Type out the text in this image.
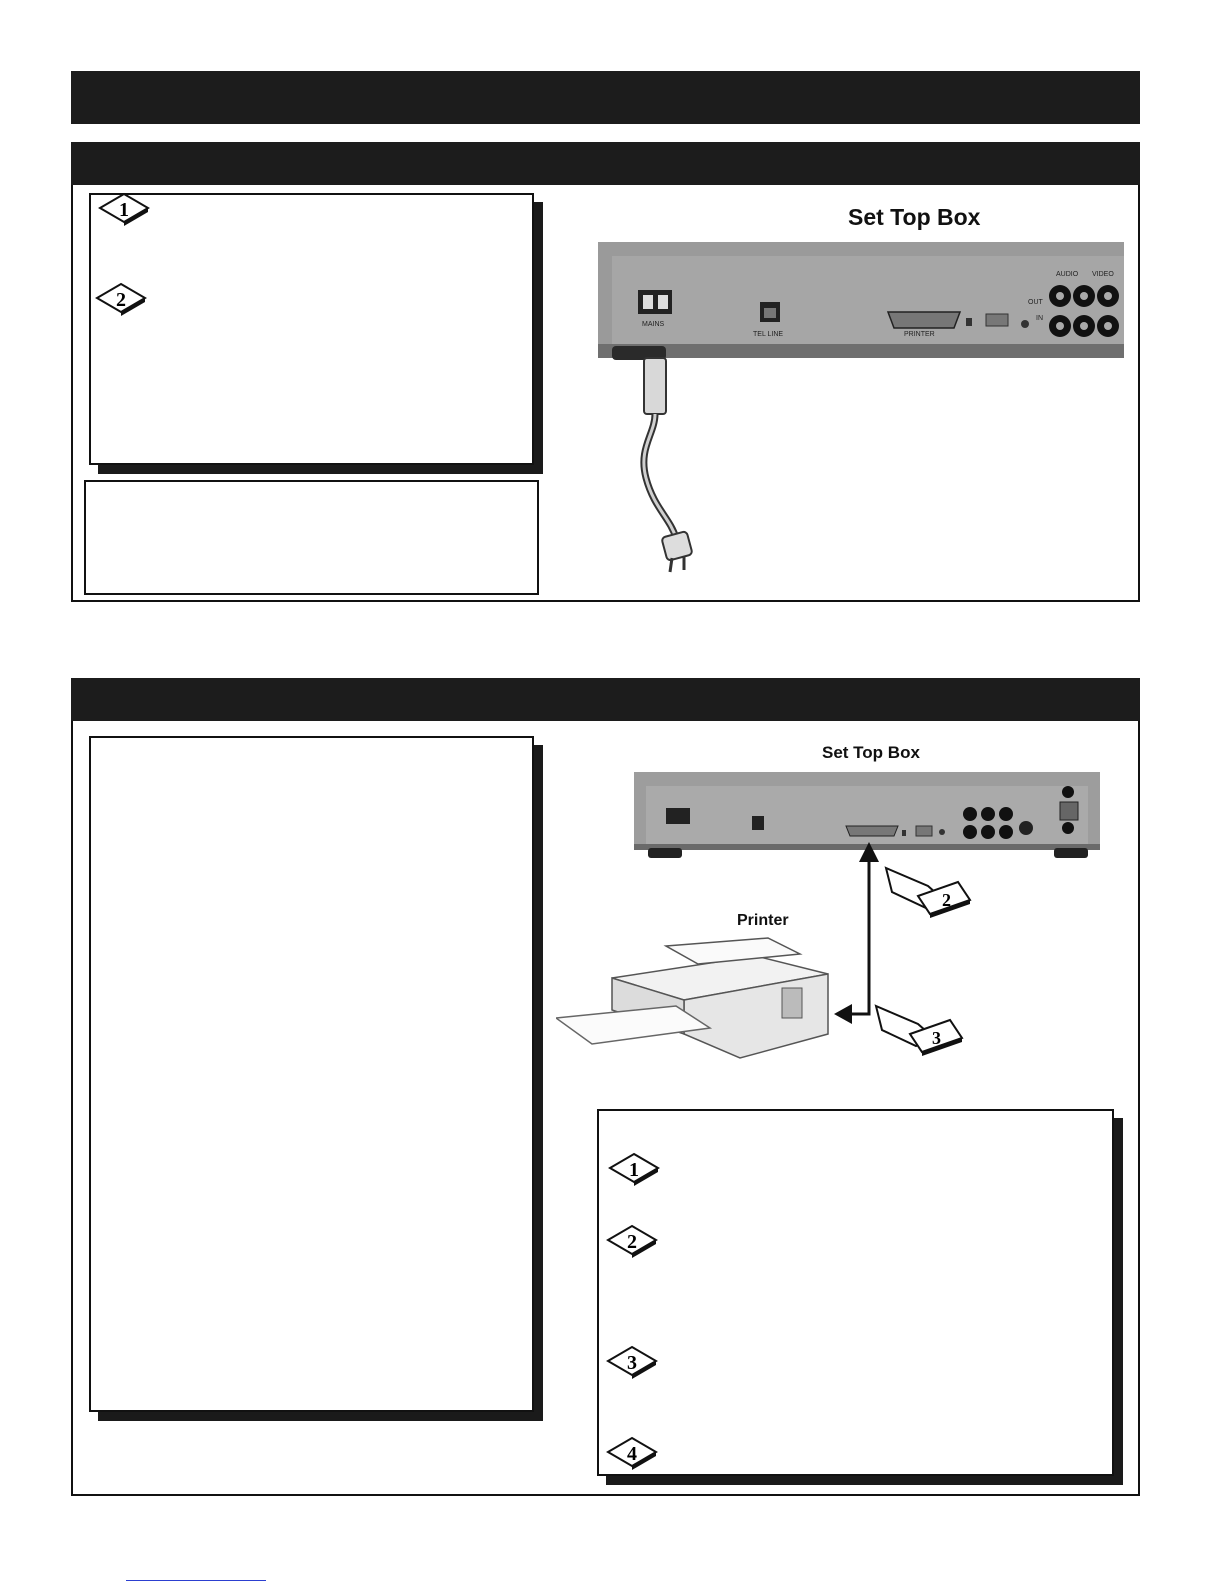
1
2
Set Top Box
MAINS
TEL LINE	PRINTER
AUDIO VIDEO
OUT
IN
Set Top Box
Printer
2
3
1
2
3
4
